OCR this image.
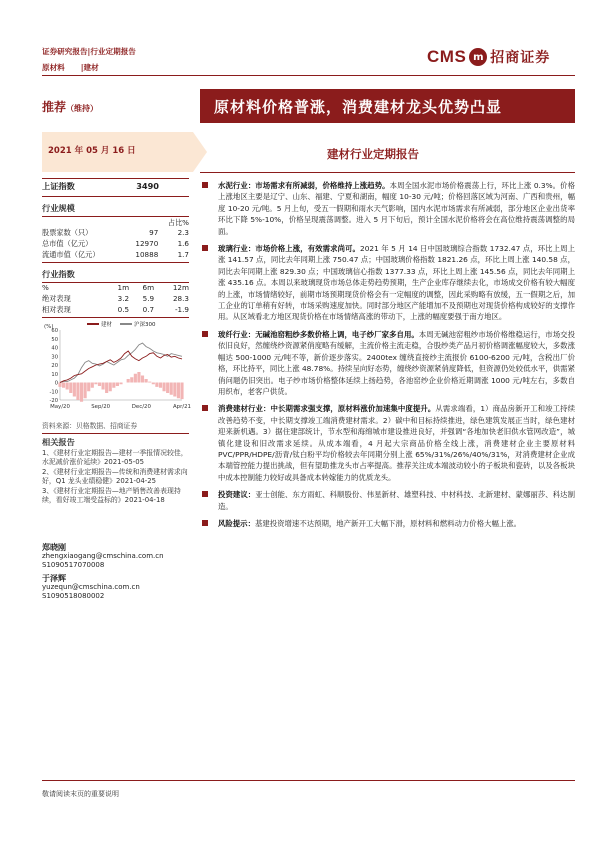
证券研究报告|行业定期报告
原材料 |建材
CMS m 招商证券
推荐（维持）	原材料价格普涨，消费建材龙头优势凸显
2021 年 05 月 16 日	建材行业定期报告
上证指数	3490
行业规模
		占比%
股票家数（只）	97	2.3
总市值（亿元）	12970	1.6
流通市值（亿元）	10888	1.7
行业指数
%	1m	6m	12m
绝对表现	3.2	5.9	28.3
相对表现	0.5	0.7	-1.9
建材	沪深300
(%)
-20
-10
0
10
20
30
40
50
60
May/20	Sep/20	Dec/20	Apr/21
资料来源：贝格数据、招商证券
相关报告
1、《建材行业定期报告—建材一季报情况较佳，水泥减价涨价延续》2021-05-05
2、《建材行业定期报告—传统和消费建材需求向好，Q1 龙头业绩稳健》2021-04-25
3、《建材行业定期报告—地产销售改善表现持续，看好竣工端受益标的》2021-04-18
郑晓刚
zhengxiaogang@cmschina.com.cn
S1090517070008
于泽辉
yuzequn@cmschina.com.cn
S1090518080002
水泥行业：市场需求有所减弱，价格维持上涨趋势。本周全国水泥市场价格震荡上行，环比上涨 0.3%。价格上涨地区主要是辽宁、山东、福建、宁夏和湖南，幅度 10-30 元/吨；价格回落区域为河南、广西和贵州，幅度 10-20 元/吨。5 月上旬，受五一假期和雨水天气影响，国内水泥市场需求有所减弱，部分地区企业出货率环比下降 5%-10%，价格呈现震荡调整。进入 5 月下旬后，预计全国水泥价格将会在高位维持震荡调整的局面。
玻璃行业：市场价格上涨，有效需求尚可。2021 年 5 月 14 日中国玻璃综合指数 1732.47 点，环比上周上涨 141.57 点，同比去年同期上涨 750.47 点；中国玻璃价格指数 1821.26 点，环比上周上涨 140.58 点，同比去年同期上涨 829.30 点；中国玻璃信心指数 1377.33 点，环比上周上涨 145.56 点，同比去年同期上涨 435.16 点。本周以来玻璃现货市场总体走势趋势预期，生产企业库存继续去化，市场成交价格有较大幅度的上涨，市场情绪较好，前期市场预期现货价格会有一定幅度的调整，因此采购略有放缓，五一假期之后，加工企业的订单稍有好转，市场采购速度加快。同时部分地区产能增加不及预期也对现货价格构成较好的支撑作用。从区域看北方地区现货价格在市场情绪高涨的带动下，上涨的幅度要强于南方地区。
玻纤行业：无碱池窑粗纱多数价格上调，电子纱厂家多自用。本周无碱池窑粗纱市场价格维稳运行，市场交投依旧良好，然缠绕纱资源紧俏度略有缓解，主流价格主流走稳，合股纱类产品月初价格调涨幅度较大，多数涨幅达 500-1000 元/吨不等，新价逐步落实。2400tex 缠绕直接纱主流报价 6100-6200 元/吨，含税出厂价格，环比持平，同比上涨 48.78%。持续呈向好态势，缠绕纱资源紧俏度降低，但资源仍处较低水平，供需紧俏问题仍旧突出。电子纱市场价格整体延续上扬趋势，各池窑纱企业价格近期调涨 1000 元/吨左右，多数自用织布，老客户供货。
消费建材行业：中长期需求强支撑，原材料涨价加速集中度提升。从需求端看，1）商品房新开工和竣工持续改善趋势不变，中长期支撑竣工端消费建材需求。2）碳中和目标持续推进，绿色建筑发展正当时，绿色建材迎来新机遇。3）据住建部统计，节水型和海绵城市建设推进良好，并强调“各地加快老旧供水管网改造”，城镇化建设和旧改需求延续。从成本端看，4 月起大宗商品价格全线上涨，消费建材企业主要原材料 PVC/PPR/HDPE/沥青/钛白粉平均价格较去年同期分别上涨 65%/31%/26%/40%/31%，对消费建材企业成本端管控能力提出挑战，但有望助推龙头市占率提高。推荐关注成本端波动较小的子板块和瓷砖，以及各板块中成本控制能力较好或具备成本转嫁能力的优质龙头。
投资建议：亚士创能、东方雨虹、科顺股份、伟星新材、雄塑科技、中材科技、北新建材、蒙娜丽莎、科达制造。
风险提示：基建投资增速不达预期，地产新开工大幅下滑，原材料和燃料动力价格大幅上涨。
敬请阅读末页的重要说明
